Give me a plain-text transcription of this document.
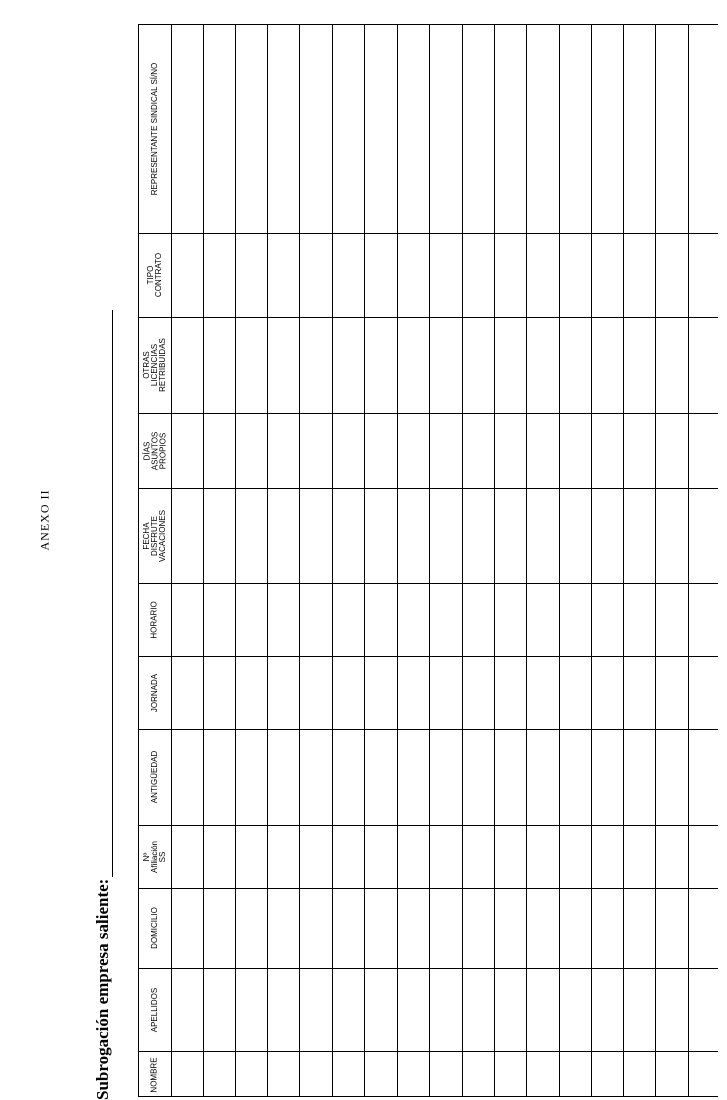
ANEXO II
Subrogación empresa saliente:	NOMBRE
APELLIDOS
DOMICILIO
Nº
Afiliación
SS
ANTIGÜEDAD
JORNADA
HORARIO
FECHA
DISFRUTE
VACACIONES
DÍAS
ASUNTOS
PROPIOS
OTRAS
LICENCIAS
RETRIBUIDAS
TIPO
CONTRATO
REPRESENTANTE SINDICAL SÍ/NO
